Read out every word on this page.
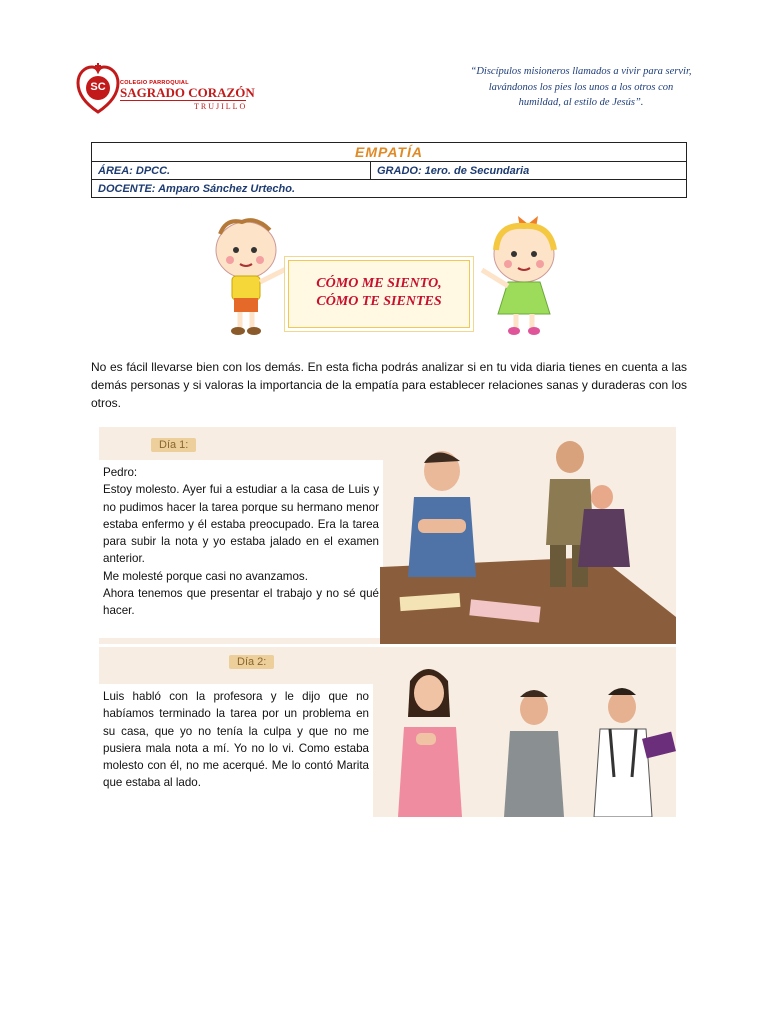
SC	COLEGIO PARROQUIAL
SAGRADO CORAZÓN
TRUJILLO
“Discípulos misioneros llamados a vivir para servir, lavándonos los pies los unos a los otros con humildad, al estilo de Jesús”.
EMPATÍA
ÁREA: DPCC.	GRADO: 1ero. de Secundaria
DOCENTE: Amparo Sánchez Urtecho.
CÓMO ME SIENTO,
CÓMO TE SIENTES
No es fácil llevarse bien con los demás. En esta ficha podrás analizar si en tu vida diaria tienes en cuenta a las demás personas y si valoras la importancia de la empatía para establecer relaciones sanas y duraderas con los otros.
Día 1:
Pedro:
Estoy molesto. Ayer fui a estudiar a la casa de Luis y no pudimos hacer la tarea porque su hermano menor estaba enfermo y él estaba preocupado. Era la tarea para subir la nota y yo estaba jalado en el examen anterior.
Me molesté porque casi no avanzamos.
Ahora tenemos que presentar el trabajo y no sé qué hacer.
Día 2:
Luis habló con la profesora y le dijo que no habíamos terminado la tarea por un problema en su casa, que yo no tenía la culpa y que no me pusiera mala nota a mí. Yo no lo vi. Como estaba molesto con él, no me acerqué. Me lo contó Marita que estaba al lado.
